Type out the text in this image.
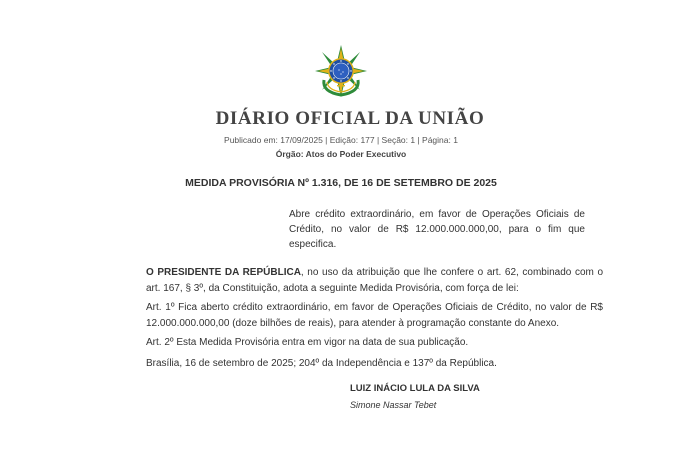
DIÁRIO OFICIAL DA UNIÃO
Publicado em: 17/09/2025 | Edição: 177 | Seção: 1 | Página: 1
Órgão: Atos do Poder Executivo
MEDIDA PROVISÓRIA Nº 1.316, DE 16 DE SETEMBRO DE 2025
Abre crédito extraordinário, em favor de Operações Oficiais de Crédito, no valor de R$ 12.000.000.000,00, para o fim que especifica.
O PRESIDENTE DA REPÚBLICA, no uso da atribuição que lhe confere o art. 62, combinado com o art. 167, § 3º, da Constituição, adota a seguinte Medida Provisória, com força de lei:
Art. 1º Fica aberto crédito extraordinário, em favor de Operações Oficiais de Crédito, no valor de R$ 12.000.000.000,00 (doze bilhões de reais), para atender à programação constante do Anexo.
Art. 2º Esta Medida Provisória entra em vigor na data de sua publicação.
Brasília, 16 de setembro de 2025; 204º da Independência e 137º da República.
LUIZ INÁCIO LULA DA SILVA
Simone Nassar Tebet
